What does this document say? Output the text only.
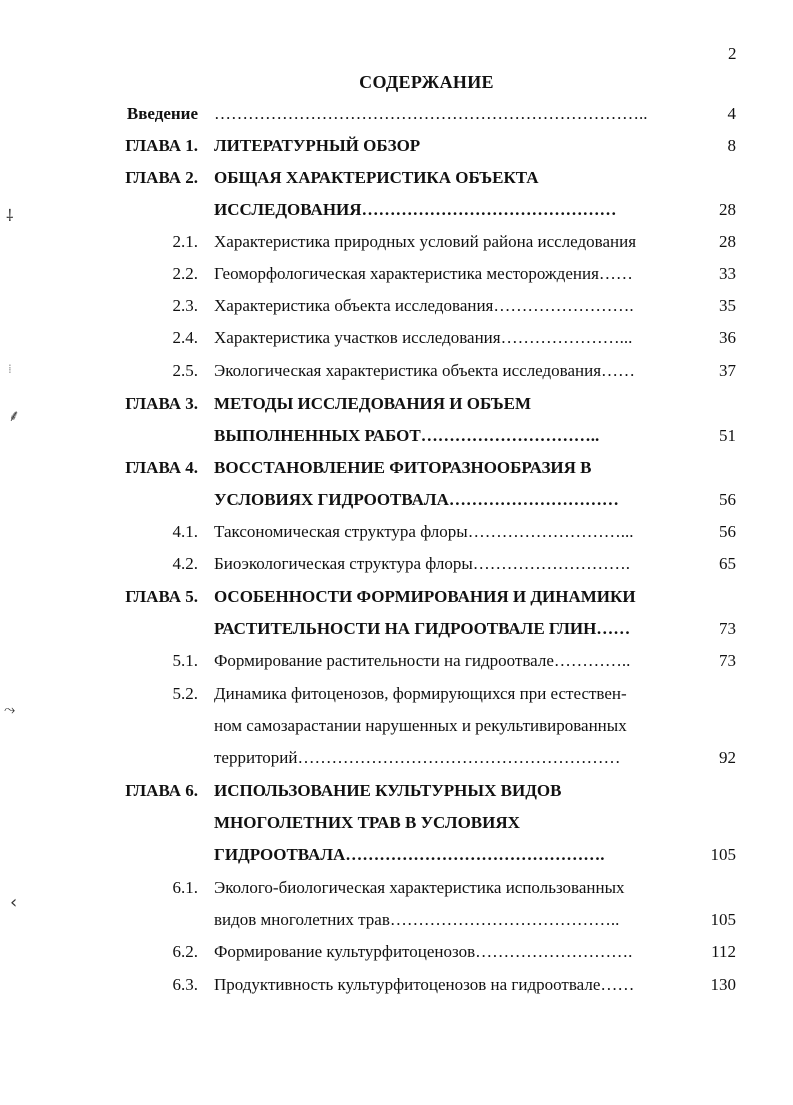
2
СОДЕРЖАНИЕ
Введение …………………………………………………………………..	4
ГЛАВА 1. ЛИТЕРАТУРНЫЙ ОБЗОР	8
ГЛАВА 2. ОБЩАЯ ХАРАКТЕРИСТИКА ОБЪЕКТА
ИССЛЕДОВАНИЯ………………………………………	28
2.1. Характеристика природных условий района исследования	28
2.2. Геоморфологическая характеристика месторождения……	33
2.3. Характеристика объекта исследования…………………….	35
2.4. Характеристика участков исследования…………………...	36
2.5. Экологическая характеристика объекта исследования……	37
ГЛАВА 3. МЕТОДЫ ИССЛЕДОВАНИЯ И ОБЪЕМ
ВЫПОЛНЕННЫХ РАБОТ…………………………..	51
ГЛАВА 4. ВОССТАНОВЛЕНИЕ ФИТОРАЗНООБРАЗИЯ В
УСЛОВИЯХ ГИДРООТВАЛА…………………………	56
4.1. Таксономическая структура флоры………………………...	56
4.2. Биоэкологическая структура флоры……………………….	65
ГЛАВА 5. ОСОБЕННОСТИ ФОРМИРОВАНИЯ И ДИНАМИКИ
РАСТИТЕЛЬНОСТИ НА ГИДРООТВАЛЕ ГЛИН……	73
5.1. Формирование растительности на гидроотвале…………..	73
5.2. Динамика фитоценозов, формирующихся при естествен-
ном самозарастании нарушенных и рекультивированных
территорий…………………………………………………	92
ГЛАВА 6. ИСПОЛЬЗОВАНИЕ КУЛЬТУРНЫХ ВИДОВ
МНОГОЛЕТНИХ ТРАВ В УСЛОВИЯХ
ГИДРООТВАЛА……………………………………….	105
6.1. Эколого-биологическая характеристика использованных
видов многолетних трав…………………………………..	105
6.2. Формирование культурфитоценозов……………………….	112
6.3. Продуктивность культурфитоценозов на гидроотвале……	130
⸸
⁞
⸙
⤳
‹
